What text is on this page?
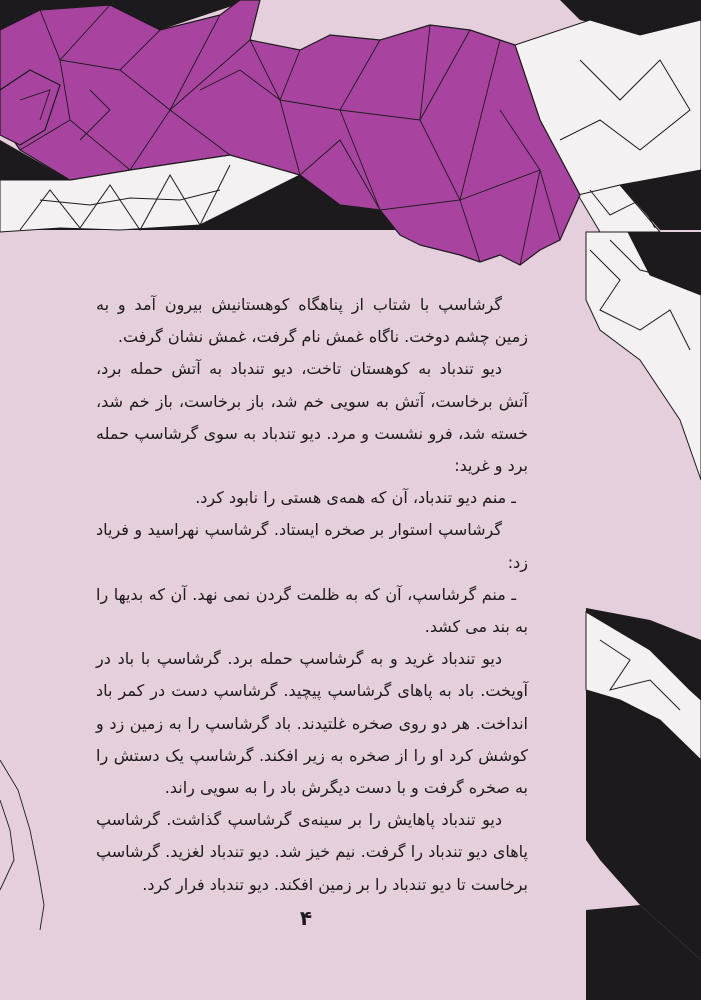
گرشاسپ با شتاب از پناهگاه کوهستانیش بیرون آمد و به زمین چشم دوخت. ناگاه غمش نام گرفت، غمش نشان گرفت.

دیو تندباد به کوهستان تاخت، دیو تندباد به آتش حمله برد، آتش برخاست، آتش به سویی خم شد، باز برخاست، باز خم شد، خسته شد، فرو نشست و مرد. دیو تندباد به سوی گرشاسپ حمله برد و غرید:

ـ منم دیو تندباد، آن که همه‌ی هستی را نابود کرد.

گرشاسپ استوار بر صخره ایستاد. گرشاسپ نهراسید و فریاد زد:

ـ منم گرشاسپ، آن که به ظلمت گردن نمی نهد. آن که بدیها را به بند می کشد.

دیو تندباد غرید و به گرشاسپ حمله برد. گرشاسپ با باد در آویخت. باد به پاهای گرشاسپ پیچید. گرشاسپ دست در کمر باد انداخت. هر دو روی صخره غلتیدند. باد گرشاسپ را به زمین زد و کوشش کرد او را از صخره به زیر افکند. گرشاسپ یک دستش را به صخره گرفت و با دست دیگرش باد را به سویی راند.

دیو تندباد پاهایش را بر سینه‌ی گرشاسپ گذاشت. گرشاسپ پاهای دیو تندباد را گرفت. نیم خیز شد. دیو تندباد لغزید. گرشاسپ برخاست تا دیو تندباد را بر زمین افکند. دیو تندباد فرار کرد.

۴
